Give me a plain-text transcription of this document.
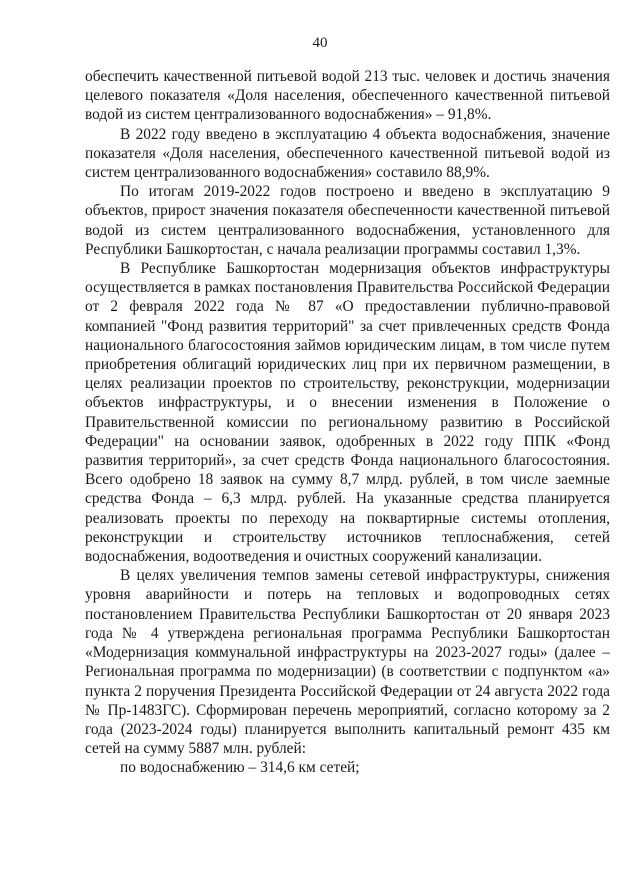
40

обеспечить качественной питьевой водой 213 тыс. человек и достичь значения целевого показателя «Доля населения, обеспеченного качественной питьевой водой из систем централизованного водоснабжения» – 91,8%.

В 2022 году введено в эксплуатацию 4 объекта водоснабжения, значение показателя «Доля населения, обеспеченного качественной питьевой водой из систем централизованного водоснабжения» составило 88,9%.

По итогам 2019-2022 годов построено и введено в эксплуатацию 9 объектов, прирост значения показателя обеспеченности качественной питьевой водой из систем централизованного водоснабжения, установленного для Республики Башкортостан, с начала реализации программы составил 1,3%.

В Республике Башкортостан модернизация объектов инфраструктуры осуществляется в рамках постановления Правительства Российской Федерации от 2 февраля 2022 года № 87 «О предоставлении публично-правовой компанией "Фонд развития территорий" за счет привлеченных средств Фонда национального благосостояния займов юридическим лицам, в том числе путем приобретения облигаций юридических лиц при их первичном размещении, в целях реализации проектов по строительству, реконструкции, модернизации объектов инфраструктуры, и о внесении изменения в Положение о Правительственной комиссии по региональному развитию в Российской Федерации" на основании заявок, одобренных в 2022 году ППК «Фонд развития территорий», за счет средств Фонда национального благосостояния. Всего одобрено 18 заявок на сумму 8,7 млрд. рублей, в том числе заемные средства Фонда – 6,3 млрд. рублей. На указанные средства планируется реализовать проекты по переходу на поквартирные системы отопления, реконструкции и строительству источников теплоснабжения, сетей водоснабжения, водоотведения и очистных сооружений канализации.

В целях увеличения темпов замены сетевой инфраструктуры, снижения уровня аварийности и потерь на тепловых и водопроводных сетях постановлением Правительства Республики Башкортостан от 20 января 2023 года № 4 утверждена региональная программа Республики Башкортостан «Модернизация коммунальной инфраструктуры на 2023-2027 годы» (далее – Региональная программа по модернизации) (в соответствии с подпунктом «а» пункта 2 поручения Президента Российской Федерации от 24 августа 2022 года № Пр-1483ГС). Сформирован перечень мероприятий, согласно которому за 2 года (2023-2024 годы) планируется выполнить капитальный ремонт 435 км сетей на сумму 5887 млн. рублей:

по водоснабжению – 314,6 км сетей;
